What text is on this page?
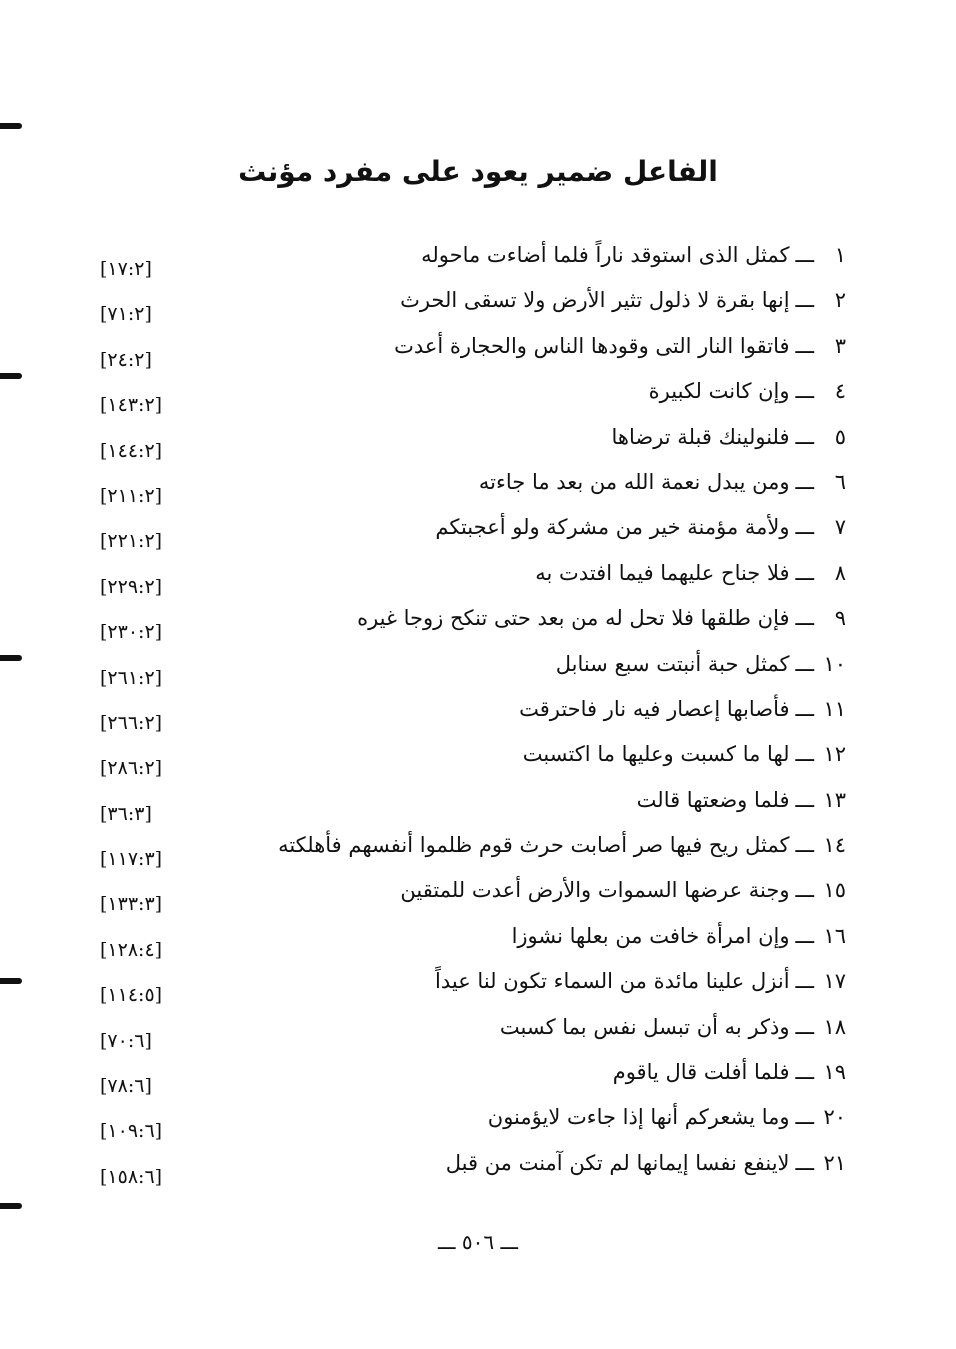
الفاعل ضمير يعود على مفرد مؤنث
١ـــكمثل الذى استوقد ناراً فلما أضاءت ماحوله
[١٧:٢]
٢ـــإنها بقرة لا ذلول تثير الأرض ولا تسقى الحرث
[٧١:٢]
٣ـــفاتقوا النار التى وقودها الناس والحجارة أعدت
[٢٤:٢]
٤ـــوإن كانت لكبيرة
[١٤٣:٢]
٥ـــفلنولينك قبلة ترضاها
[١٤٤:٢]
٦ـــومن يبدل نعمة الله من بعد ما جاءته
[٢١١:٢]
٧ـــولأمة مؤمنة خير من مشركة ولو أعجبتكم
[٢٢١:٢]
٨ـــفلا جناح عليهما فيما افتدت به
[٢٢٩:٢]
٩ـــفإن طلقها فلا تحل له من بعد حتى تنكح زوجا غيره
[٢٣٠:٢]
١٠ـــكمثل حبة أنبتت سبع سنابل
[٢٦١:٢]
١١ـــفأصابها إعصار فيه نار فاحترقت
[٢٦٦:٢]
١٢ـــلها ما كسبت وعليها ما اكتسبت
[٢٨٦:٢]
١٣ـــفلما وضعتها قالت
[٣٦:٣]
١٤ـــكمثل ريح فيها صر أصابت حرث قوم ظلموا أنفسهم فأهلكته
[١١٧:٣]
١٥ـــوجنة عرضها السموات والأرض أعدت للمتقين
[١٣٣:٣]
١٦ـــوإن امرأة خافت من بعلها نشوزا
[١٢٨:٤]
١٧ـــأنزل علينا مائدة من السماء تكون لنا عيداً
[١١٤:٥]
١٨ـــوذكر به أن تبسل نفس بما كسبت
[٧٠:٦]
١٩ـــفلما أفلت قال ياقوم
[٧٨:٦]
٢٠ـــوما يشعركم أنها إذا جاءت لايؤمنون
[١٠٩:٦]
٢١ـــلاينفع نفسا إيمانها لم تكن آمنت من قبل
[١٥٨:٦]
ـــ ٥٠٦ ـــ
